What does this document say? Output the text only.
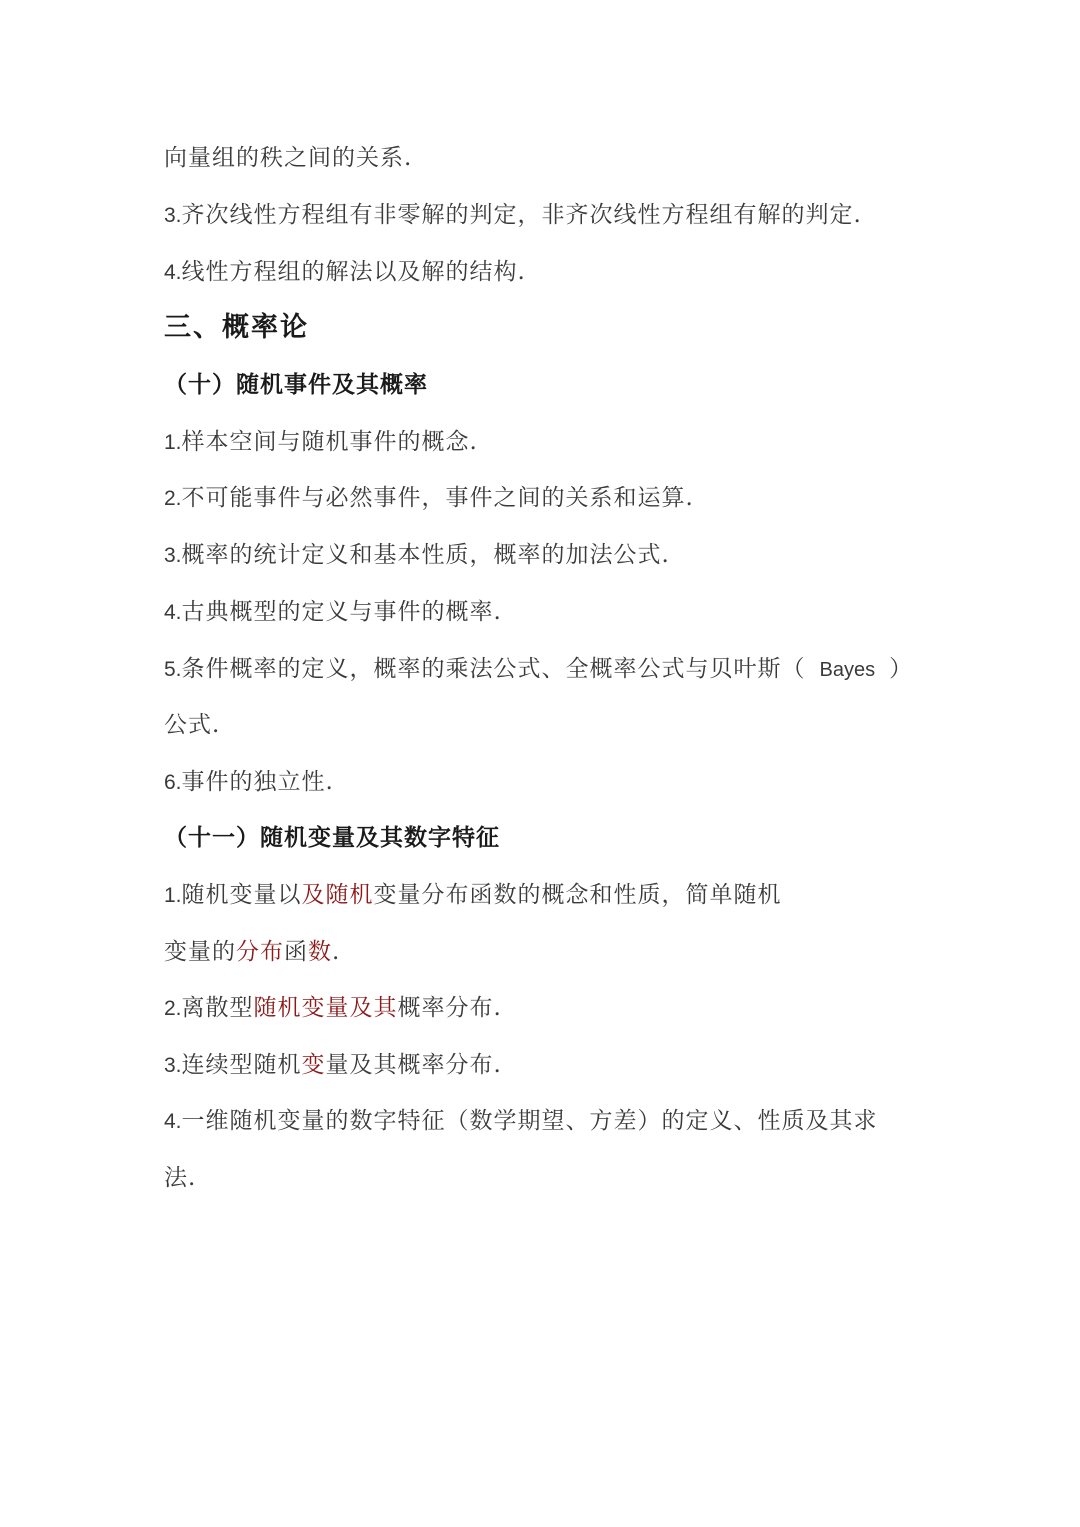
向量组的秩之间的关系.
3.齐次线性方程组有非零解的判定，非齐次线性方程组有解的判定.
4.线性方程组的解法以及解的结构.
三、概率论
（十）随机事件及其概率
1.样本空间与随机事件的概念.
2.不可能事件与必然事件，事件之间的关系和运算.
3.概率的统计定义和基本性质，概率的加法公式.
4.古典概型的定义与事件的概率.
5.条件概率的定义，概率的乘法公式、全概率公式与贝叶斯（ Bayes ）
公式.
6.事件的独立性.
（十一）随机变量及其数字特征
1.随机变量以及随机变量分布函数的概念和性质，简单随机
变量的分布函数.
2.离散型随机变量及其概率分布.
3.连续型随机变量及其概率分布.
4.一维随机变量的数字特征（数学期望、方差）的定义、性质及其求
法.
